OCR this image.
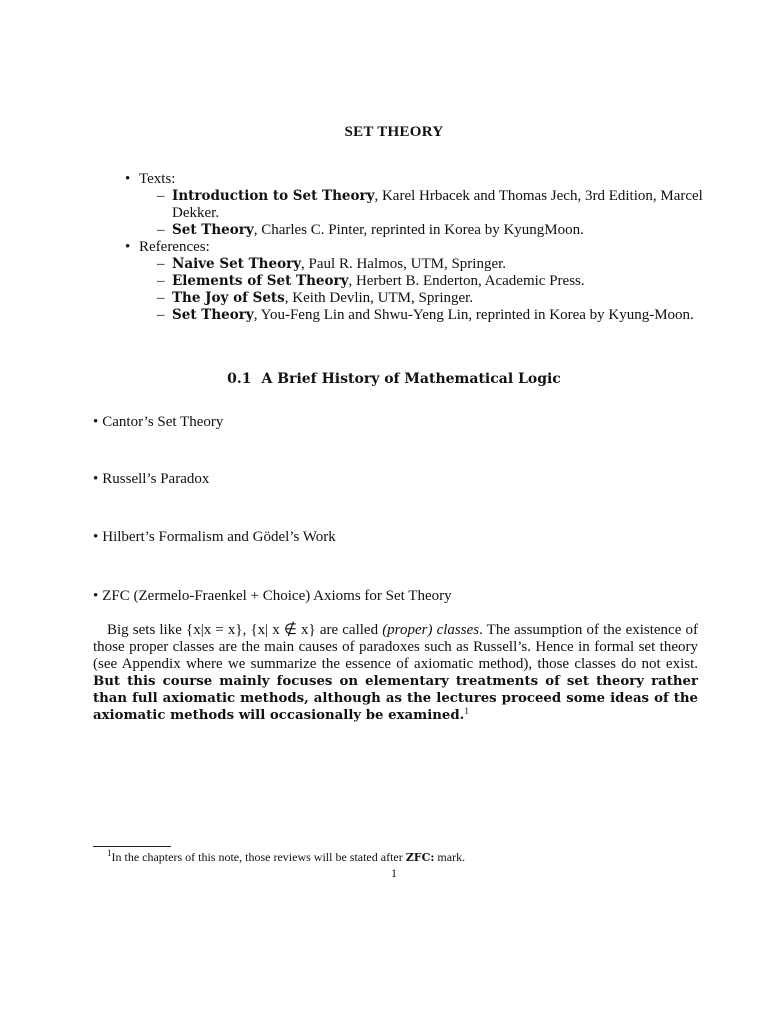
SET THEORY
• Texts:
– Introduction to Set Theory, Karel Hrbacek and Thomas Jech, 3rd Edition, Marcel Dekker.
– Set Theory, Charles C. Pinter, reprinted in Korea by KyungMoon.
• References:
– Naive Set Theory, Paul R. Halmos, UTM, Springer.
– Elements of Set Theory, Herbert B. Enderton, Academic Press.
– The Joy of Sets, Keith Devlin, UTM, Springer.
– Set Theory, You-Feng Lin and Shwu-Yeng Lin, reprinted in Korea by Kyung-Moon.
0.1 A Brief History of Mathematical Logic
• Cantor’s Set Theory
• Russell’s Paradox
• Hilbert’s Formalism and Gödel’s Work
• ZFC (Zermelo-Fraenkel + Choice) Axioms for Set Theory
Big sets like {x|x = x}, {x| x ∉ x} are called (proper) classes. The assumption of the existence of those proper classes are the main causes of paradoxes such as Russell’s. Hence in formal set theory (see Appendix where we summarize the essence of axiomatic method), those classes do not exist. But this course mainly focuses on elementary treatments of set theory rather than full axiomatic methods, although as the lectures proceed some ideas of the axiomatic methods will occasionally be examined.$^1$
$^1$In the chapters of this note, those reviews will be stated after ZFC: mark.
1
